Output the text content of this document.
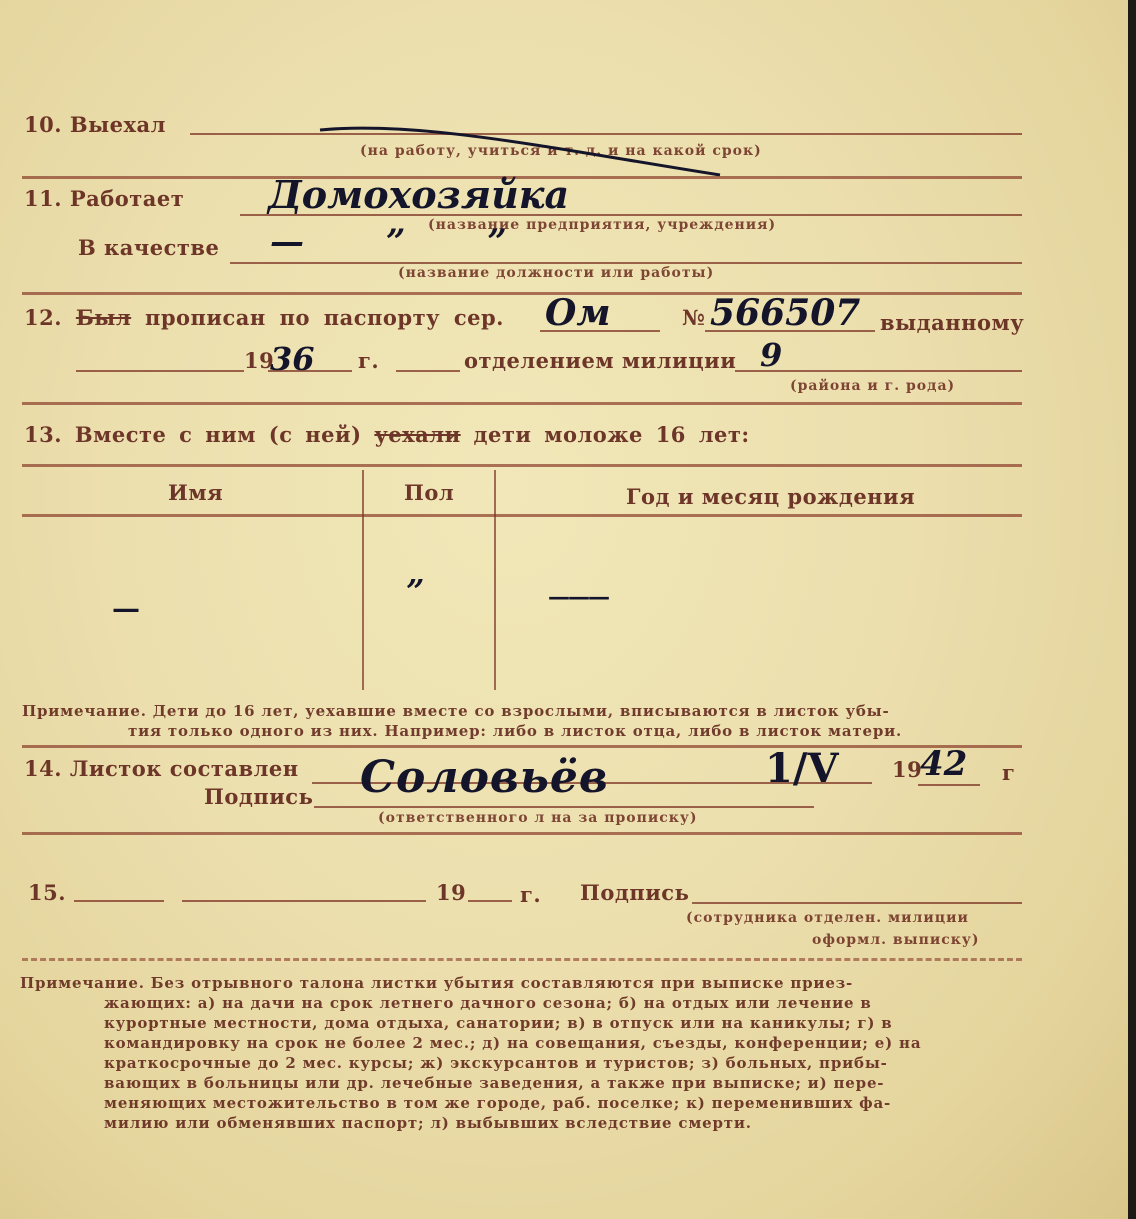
10. Выехал
(на работу, учиться и т. д. и на какой срок)
11. Работает Домохозяйка
(название предприятия, учреждения)
В качестве — ” ”
(название должности или работы)
12. Был прописан по паспорту сер. Ом	№ 566507 выданному
19
36 г.	отделением милиции 9
(района и г. рода)
13. Вместе с ним (с ней) уехали дети моложе 16 лет:
Имя	Пол	Год и месяц рождения
—	”	———
Примечание. Дети до 16 лет, уехавшие вместе со взрослыми, вписываются в листок убы-
тия только одного из них. Например: либо в листок отца, либо в листок матери.
14. Листок составлен	1/V	19
42 г
Подпись Соловьёв
(ответственного л на за прописку)
15.	19	г. Подпись
(сотрудника отделен. милиции
оформл. выписку)
Примечание. Без отрывного талона листки убытия составляются при выписке приез-
жающих: а) на дачи на срок летнего дачного сезона; б) на отдых или лечение в
курортные местности, дома отдыха, санатории; в) в отпуск или на каникулы; г) в
командировку на срок не более 2 мес.; д) на совещания, съезды, конференции; е) на
краткосрочные до 2 мес. курсы; ж) экскурсантов и туристов; з) больных, прибы-
вающих в больницы или др. лечебные заведения, а также при выписке; и) пере-
меняющих местожительство в том же городе, раб. поселке; к) переменивших фа-
милию или обменявших паспорт; л) выбывших вследствие смерти.
